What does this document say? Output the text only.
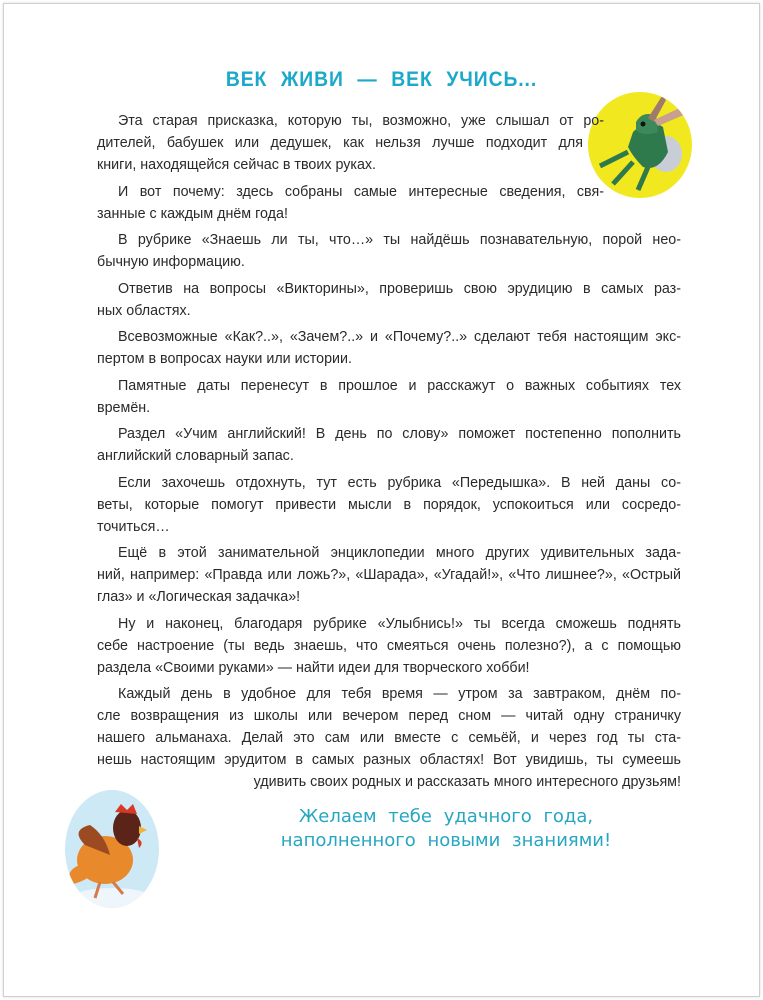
ВЕК ЖИВИ — ВЕК УЧИСЬ...
Эта старая присказка, которую ты, возможно, уже слышал от ро-
дителей, бабушек или дедушек, как нельзя лучше подходит для
книги, находящейся сейчас в твоих руках.
И вот почему: здесь собраны самые интересные сведения, свя-
занные с каждым днём года!
В рубрике «Знаешь ли ты, что…» ты найдёшь познавательную, порой нео-
бычную информацию.
Ответив на вопросы «Викторины», проверишь свою эрудицию в самых раз-
ных областях.
Всевозможные «Как?..», «Зачем?..» и «Почему?..» сделают тебя настоящим экс-
пертом в вопросах науки или истории.
Памятные даты перенесут в прошлое и расскажут о важных событиях тех
времён.
Раздел «Учим английский! В день по слову» поможет постепенно пополнить
английский словарный запас.
Если захочешь отдохнуть, тут есть рубрика «Передышка». В ней даны со-
веты, которые помогут привести мысли в порядок, успокоиться или сосредо-
точиться…
Ещё в этой занимательной энциклопедии много других удивительных зада-
ний, например: «Правда или ложь?», «Шарада», «Угадай!», «Что лишнее?», «Острый
глаз» и «Логическая задачка»!
Ну и наконец, благодаря рубрике «Улыбнись!» ты всегда сможешь поднять
себе настроение (ты ведь знаешь, что смеяться очень полезно?), а с помощью
раздела «Своими руками» — найти идеи для творческого хобби!
Каждый день в удобное для тебя время — утром за завтраком, днём по-
сле возвращения из школы или вечером перед сном — читай одну страничку
нашего альманаха. Делай это сам или вместе с семьёй, и через год ты ста-
нешь настоящим эрудитом в самых разных областях! Вот увидишь, ты сумеешь
удивить своих родных и рассказать много интересного друзьям!
Желаем тебе удачного года,
наполненного новыми знаниями!
